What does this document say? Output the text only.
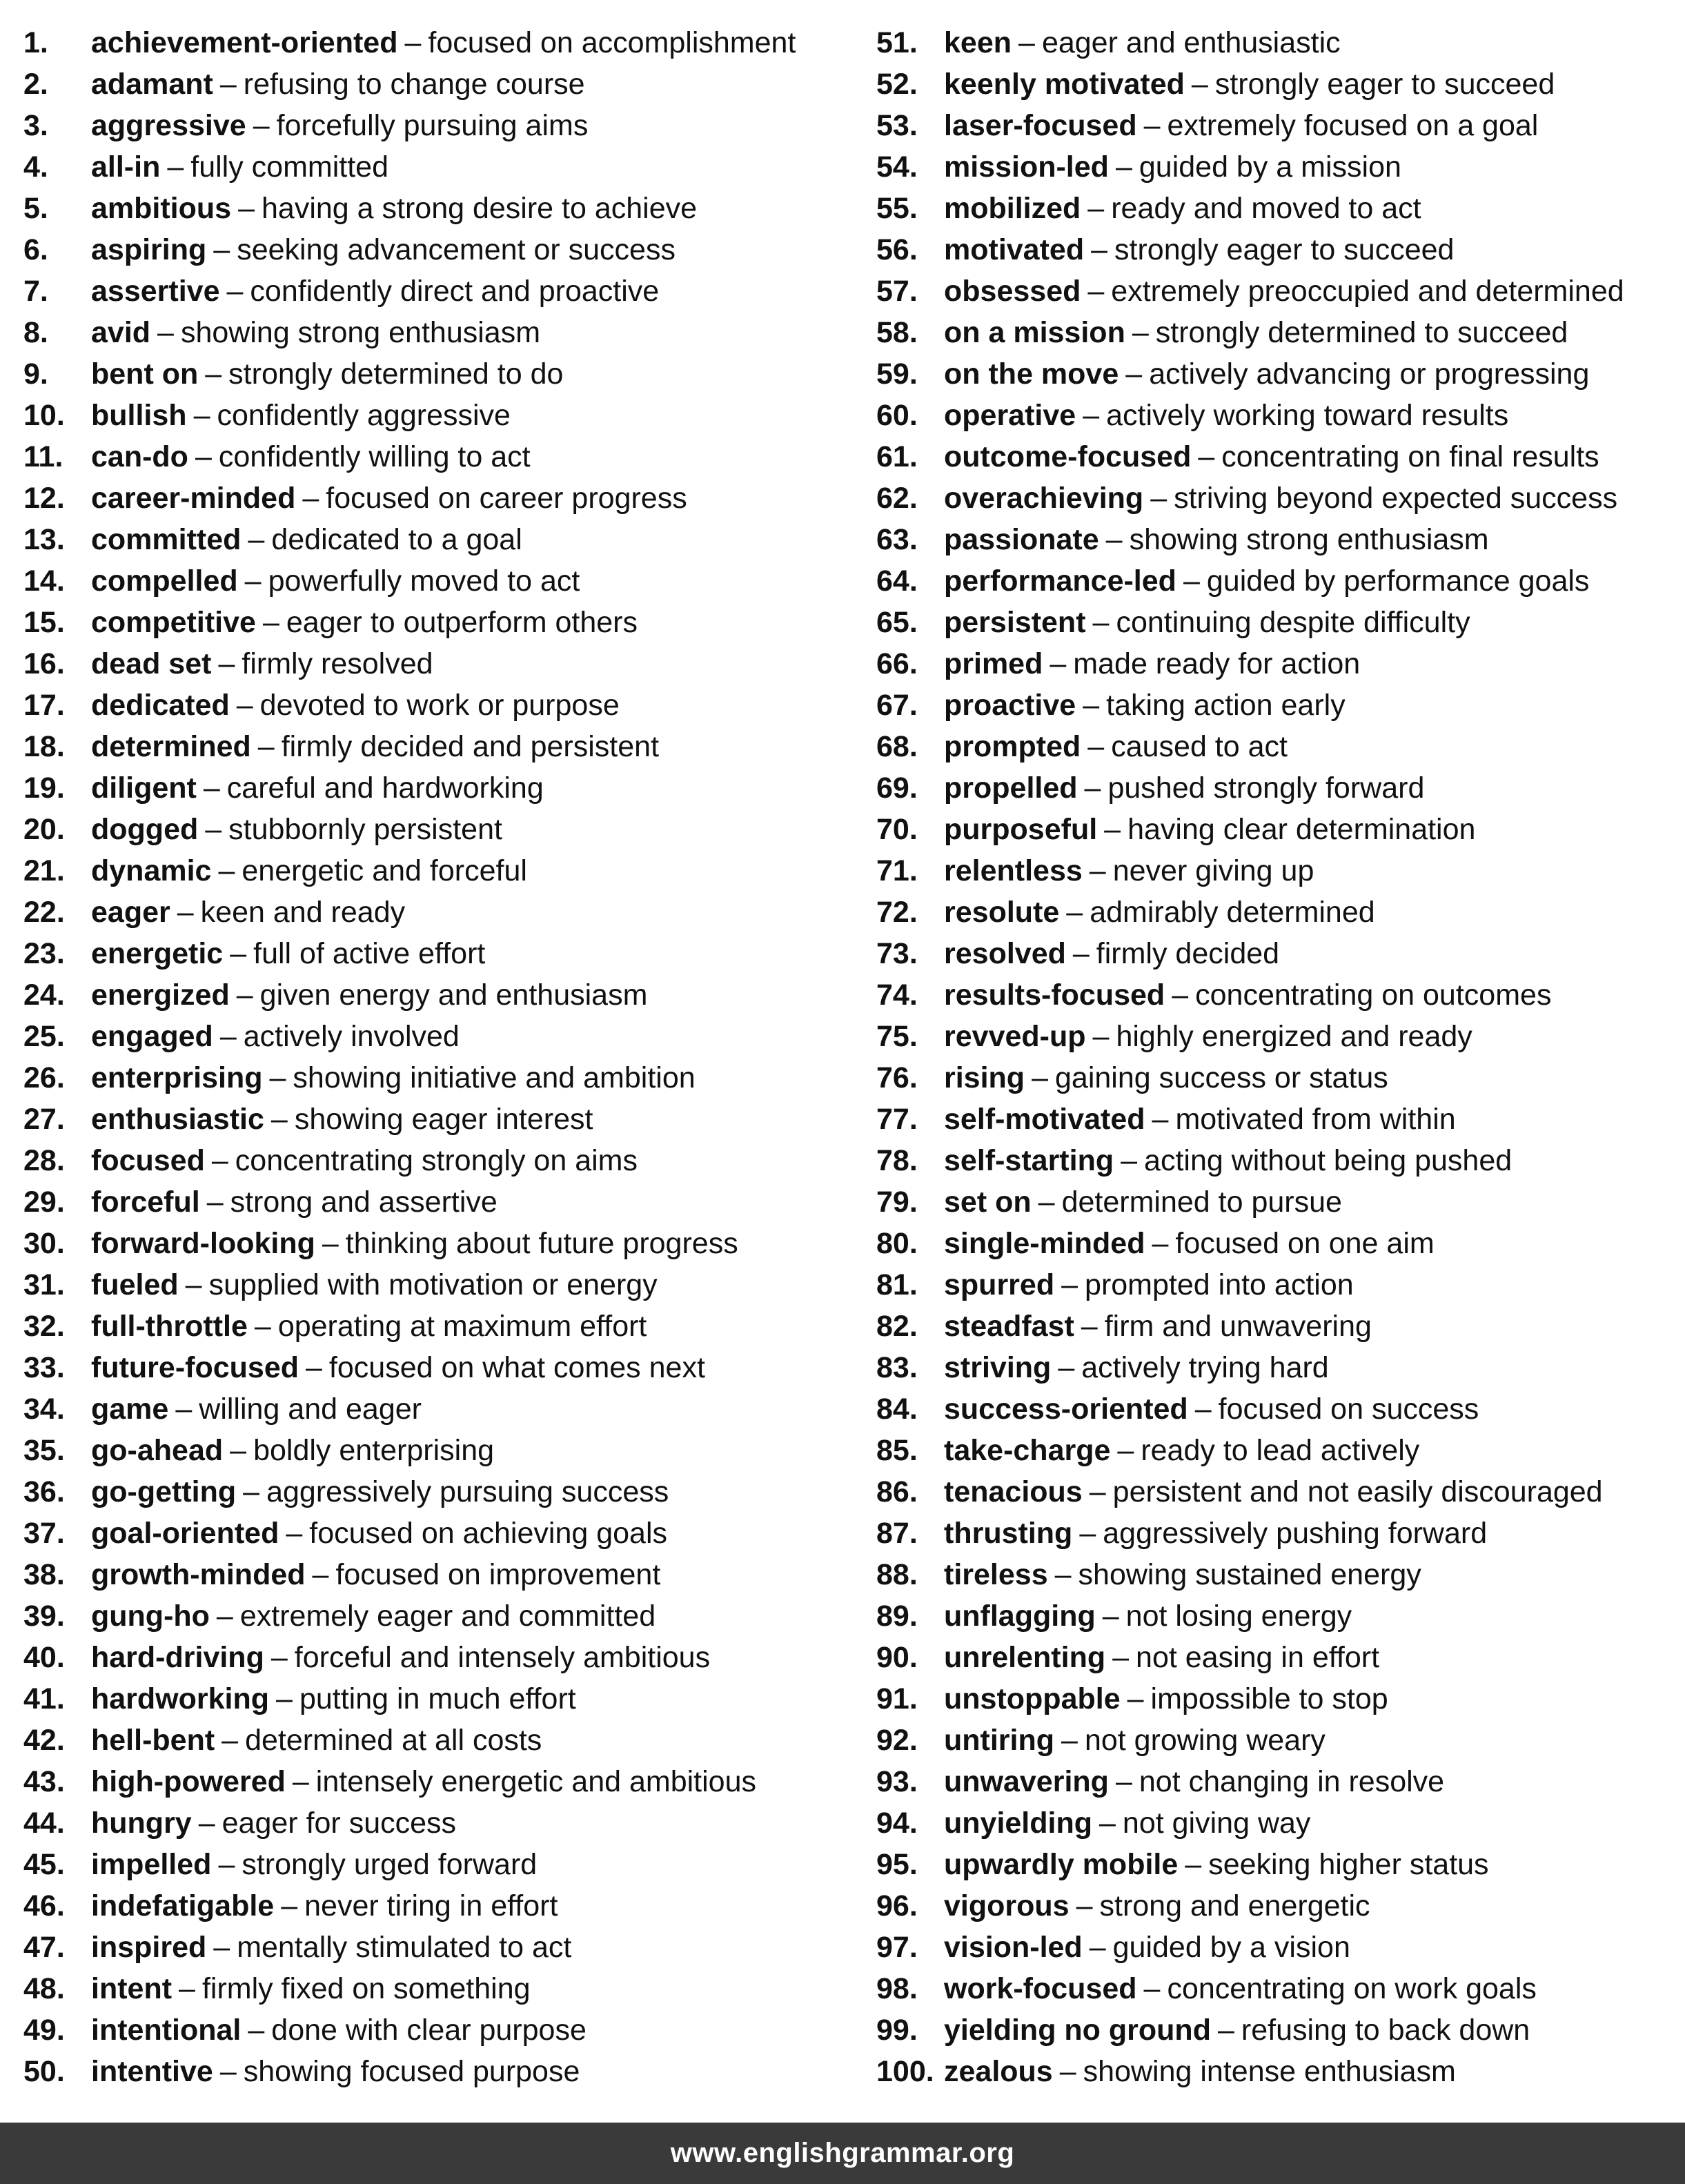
1.	achievement-oriented – focused on accomplishment
2.	adamant – refusing to change course
3.	aggressive – forcefully pursuing aims
4.	all-in – fully committed
5.	ambitious – having a strong desire to achieve
6.	aspiring – seeking advancement or success
7.	assertive – confidently direct and proactive
8.	avid – showing strong enthusiasm
9.	bent on – strongly determined to do
10. bullish – confidently aggressive
11. can-do – confidently willing to act
12. career-minded – focused on career progress
13. committed – dedicated to a goal
14. compelled – powerfully moved to act
15. competitive – eager to outperform others
16. dead set – firmly resolved
17. dedicated – devoted to work or purpose
18. determined – firmly decided and persistent
19. diligent – careful and hardworking
20. dogged – stubbornly persistent
21. dynamic – energetic and forceful
22. eager – keen and ready
23. energetic – full of active effort
24. energized – given energy and enthusiasm
25. engaged – actively involved
26. enterprising – showing initiative and ambition
27. enthusiastic – showing eager interest
28. focused – concentrating strongly on aims
29. forceful – strong and assertive
30. forward-looking – thinking about future progress
31. fueled – supplied with motivation or energy
32. full-throttle – operating at maximum effort
33. future-focused – focused on what comes next
34. game – willing and eager
35. go-ahead – boldly enterprising
36. go-getting – aggressively pursuing success
37. goal-oriented – focused on achieving goals
38. growth-minded – focused on improvement
39. gung-ho – extremely eager and committed
40. hard-driving – forceful and intensely ambitious
41. hardworking – putting in much effort
42. hell-bent – determined at all costs
43. high-powered – intensely energetic and ambitious
44. hungry – eager for success
45. impelled – strongly urged forward
46. indefatigable – never tiring in effort
47. inspired – mentally stimulated to act
48. intent – firmly fixed on something
49. intentional – done with clear purpose
50. intentive – showing focused purpose
51. keen – eager and enthusiastic
52. keenly motivated – strongly eager to succeed
53. laser-focused – extremely focused on a goal
54. mission-led – guided by a mission
55. mobilized – ready and moved to act
56. motivated – strongly eager to succeed
57. obsessed – extremely preoccupied and determined
58. on a mission – strongly determined to succeed
59. on the move – actively advancing or progressing
60. operative – actively working toward results
61. outcome-focused – concentrating on final results
62. overachieving – striving beyond expected success
63. passionate – showing strong enthusiasm
64. performance-led – guided by performance goals
65. persistent – continuing despite difficulty
66. primed – made ready for action
67. proactive – taking action early
68. prompted – caused to act
69. propelled – pushed strongly forward
70. purposeful – having clear determination
71. relentless – never giving up
72. resolute – admirably determined
73. resolved – firmly decided
74. results-focused – concentrating on outcomes
75. revved-up – highly energized and ready
76. rising – gaining success or status
77. self-motivated – motivated from within
78. self-starting – acting without being pushed
79. set on – determined to pursue
80. single-minded – focused on one aim
81. spurred – prompted into action
82. steadfast – firm and unwavering
83. striving – actively trying hard
84. success-oriented – focused on success
85. take-charge – ready to lead actively
86. tenacious – persistent and not easily discouraged
87. thrusting – aggressively pushing forward
88. tireless – showing sustained energy
89. unflagging – not losing energy
90. unrelenting – not easing in effort
91. unstoppable – impossible to stop
92. untiring – not growing weary
93. unwavering – not changing in resolve
94. unyielding – not giving way
95. upwardly mobile – seeking higher status
96. vigorous – strong and energetic
97. vision-led – guided by a vision
98. work-focused – concentrating on work goals
99. yielding no ground – refusing to back down
100. zealous – showing intense enthusiasm
www.englishgrammar.org
